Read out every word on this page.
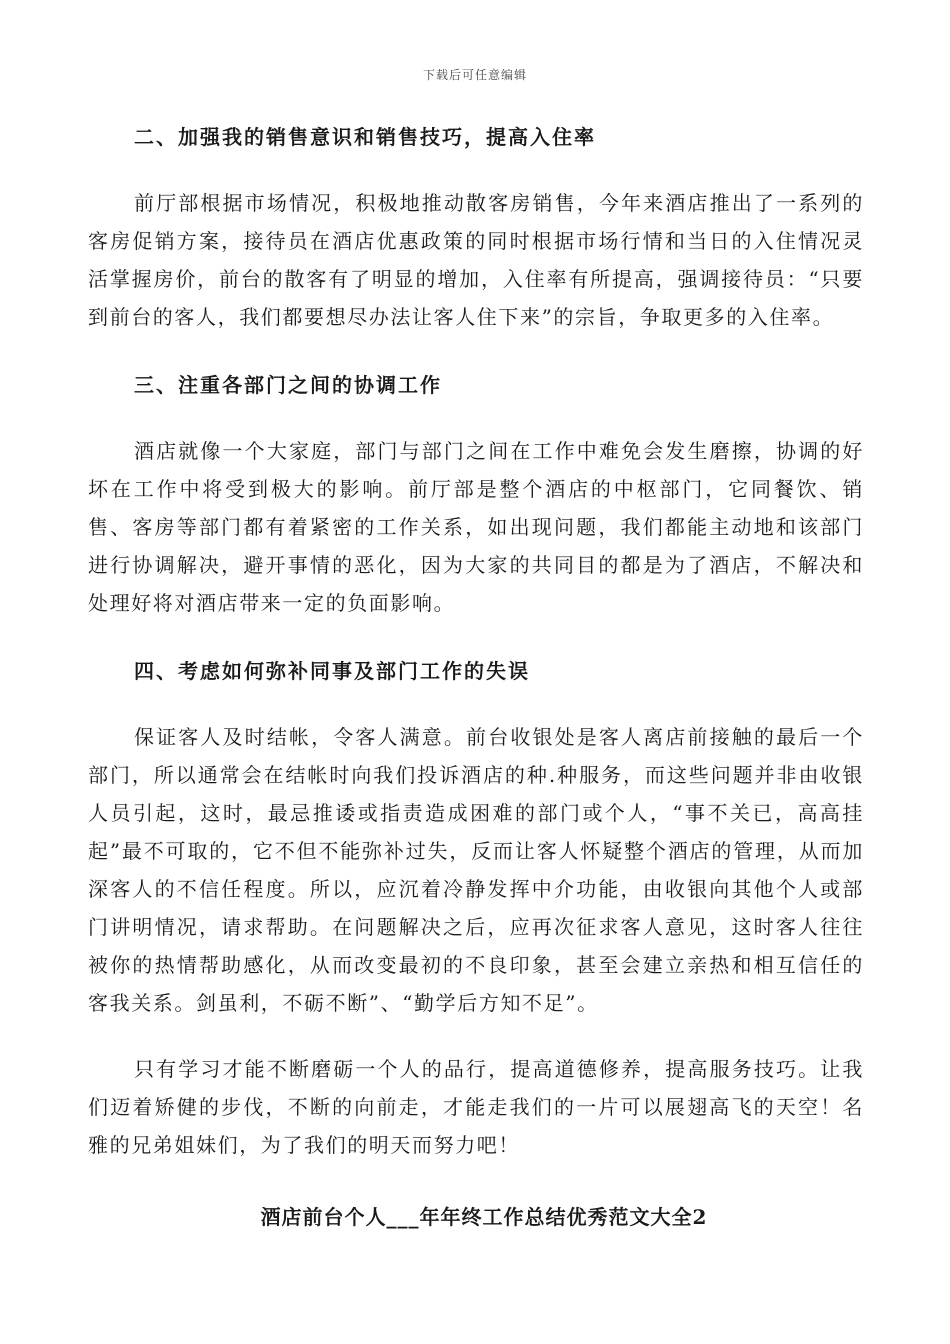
下载后可任意编辑

二、加强我的销售意识和销售技巧，提高入住率

前厅部根据市场情况，积极地推动散客房销售，今年来酒店推出了一系列的客房促销方案，接待员在酒店优惠政策的同时根据市场行情和当日的入住情况灵活掌握房价，前台的散客有了明显的增加，入住率有所提高，强调接待员：“只要到前台的客人，我们都要想尽办法让客人住下来”的宗旨，争取更多的入住率。

三、注重各部门之间的协调工作

酒店就像一个大家庭，部门与部门之间在工作中难免会发生磨擦，协调的好坏在工作中将受到极大的影响。前厅部是整个酒店的中枢部门，它同餐饮、销售、客房等部门都有着紧密的工作关系，如出现问题，我们都能主动地和该部门进行协调解决，避开事情的恶化，因为大家的共同目的都是为了酒店，不解决和处理好将对酒店带来一定的负面影响。

四、考虑如何弥补同事及部门工作的失误

保证客人及时结帐，令客人满意。前台收银处是客人离店前接触的最后一个部门，所以通常会在结帐时向我们投诉酒店的种.种服务，而这些问题并非由收银人员引起，这时，最忌推诿或指责造成困难的部门或个人，“事不关已，高高挂起”最不可取的，它不但不能弥补过失，反而让客人怀疑整个酒店的管理，从而加深客人的不信任程度。所以，应沉着冷静发挥中介功能，由收银向其他个人或部门讲明情况，请求帮助。在问题解决之后，应再次征求客人意见，这时客人往往被你的热情帮助感化，从而改变最初的不良印象，甚至会建立亲热和相互信任的客我关系。剑虽利，不砺不断”、“勤学后方知不足”。

只有学习才能不断磨砺一个人的品行，提高道德修养，提高服务技巧。让我们迈着矫健的步伐，不断的向前走，才能走我们的一片可以展翅高飞的天空！名雅的兄弟姐妹们，为了我们的明天而努力吧！

酒店前台个人___年年终工作总结优秀范文大全2
